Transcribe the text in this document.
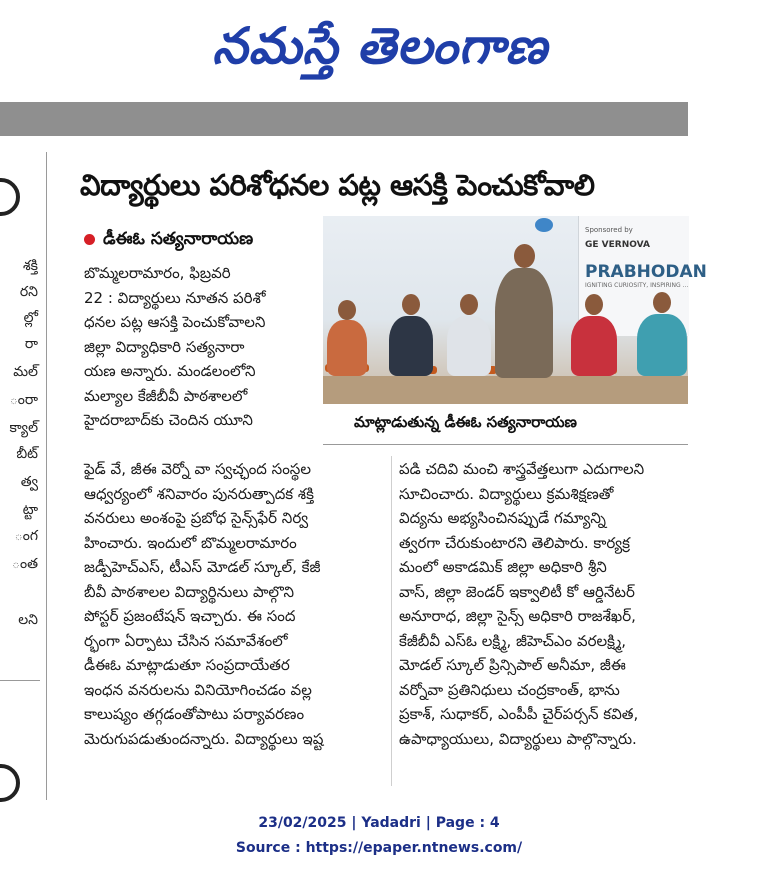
నమస్తే తెలంగాణ
శక్తి
రని
ల్లో
రా
మల్
ంరా
క్యాల్
బీట్
త్వ
ట్టా
ంగ
ంత
లని
విద్యార్థులు పరిశోధనల పట్ల ఆసక్తి పెంచుకోవాలి
డీఈఓ సత్యనారాయణ	Sponsored by
GE VERNOVA
PRABHODAN
IGNITING CURIOSITY, INSPIRING ...
మాట్లాడుతున్న డీఈఓ సత్యనారాయణ
బొమ్మలరామారం, ఫిబ్రవరి
22 : విద్యార్థులు నూతన పరిశో
ధనల పట్ల ఆసక్తి పెంచుకోవాలని
జిల్లా విద్యాధికారి సత్యనారా
యణ అన్నారు. మండలంలోని
మల్యాల కేజీబీవీ పాఠశాలలో
హైదరాబాద్‌కు చెందిన యూని
ఫైడ్ వే, జీఈ వెర్నో వా స్వచ్ఛంద సంస్థల
ఆధ్వర్యంలో శనివారం పునరుత్పాదక శక్తి
వనరులు అంశంపై ప్రబోధ సైన్స్‌ఫేర్ నిర్వ
హించారు. ఇందులో బొమ్మలరామారం
జడ్పీహెచ్‌ఎస్, టీఎస్ మోడల్ స్కూల్, కేజీ
బీవీ పాఠశాలల విద్యార్థినులు పాల్గొని
పోస్టర్ ప్రజంటేషన్ ఇచ్చారు. ఈ సంద
ర్భంగా ఏర్పాటు చేసిన సమావేశంలో
డీఈఓ మాట్లాడుతూ సంప్రదాయేతర
ఇంధన వనరులను వినియోగించడం వల్ల
కాలుష్యం తగ్గడంతోపాటు పర్యావరణం
మెరుగుపడుతుందన్నారు. విద్యార్థులు ఇష్ట
పడి చదివి మంచి శాస్త్రవేత్తలుగా ఎదుగాలని
సూచించారు. విద్యార్థులు క్రమశిక్షణతో
విద్యను అభ్యసించినప్పుడే గమ్యాన్ని
త్వరగా చేరుకుంటారని తెలిపారు. కార్యక్ర
మంలో అకాడమిక్ జిల్లా అధికారి శ్రీని
వాస్, జిల్లా జెండర్ ఇక్వాలిటీ కో ఆర్డినేటర్
అనూరాధ, జిల్లా సైన్స్ అధికారి రాజశేఖర్,
కేజీబీవీ ఎస్‌ఓ లక్ష్మి, జీహెచ్‌ఎం వరలక్ష్మి,
మోడల్ స్కూల్ ప్రిన్సిపాల్ అనీమా, జీఈ
వర్నోవా ప్రతినిధులు చంద్రకాంత్, భాను
ప్రకాశ్, సుధాకర్, ఎంపీపీ చైర్‌పర్సన్ కవిత,
ఉపాధ్యాయులు, విద్యార్థులు పాల్గొన్నారు.
23/02/2025 | Yadadri | Page : 4
Source : https://epaper.ntnews.com/
